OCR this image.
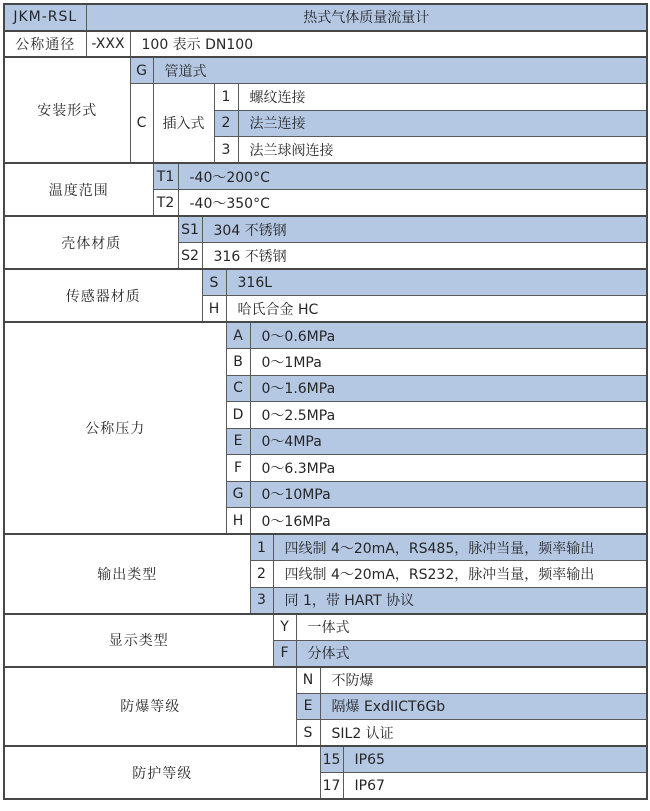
JKM-RSL	热式气体质量流量计												
公称通径	-XXX	100 表示 DN100											
安装形式		G	管道式										
		C	插入式			1		螺纹连接					
						2		法兰连接					
						3		法兰球阀连接					
温度范围			T1	-40～200°C									
			T2	-40～350°C									
壳体材质				S1	304 不锈钢								
				S2	316 不锈钢								
传感器材质					S		316L						
					H		哈氏合金 HC						
公称压力							A		0～0.6MPa				
							B		0～1MPa				
							C		0～1.6MPa				
							D		0～2.5MPa				
							E		0～4MPa				
							F		0～6.3MPa				
							G		0～10MPa				
							H		0～16MPa				
输出类型									1	四线制 4～20mA，RS485，脉冲当量，频率输出			
									2	四线制 4～20mA，RS232，脉冲当量，频率输出			
									3	同 1，带 HART 协议			
显示类型										Y	一体式		
										F	分体式		
防爆等级											N	不防爆	
											E	隔爆 ExdIICT6Gb	
											S	SIL2 认证	
防护等级												15	IP65
												17	IP67
